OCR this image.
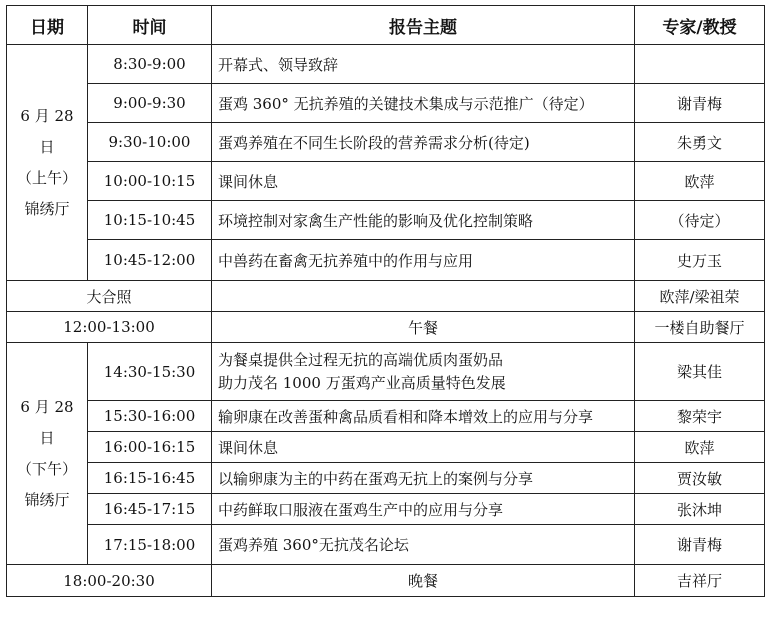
日期	时间	报告主题	专家/教授

6 月 28 日
（上午）
锦绣厅	8:30-9:00	开幕式、领导致辞	
	9:00-9:30	蛋鸡 360° 无抗养殖的关键技术集成与示范推广（待定）	谢青梅
	9:30-10:00	蛋鸡养殖在不同生长阶段的营养需求分析(待定)	朱勇文
	10:00-10:15	课间休息	欧萍
	10:15-10:45	环境控制对家禽生产性能的影响及优化控制策略	（待定）
	10:45-12:00	中兽药在畜禽无抗养殖中的作用与应用	史万玉
大合照			欧萍/梁祖荣
12:00-13:00		午餐	一楼自助餐厅

6 月 28 日
（下午）
锦绣厅	14:30-15:30	为餐桌提供全过程无抗的高端优质肉蛋奶品
助力茂名 1000 万蛋鸡产业高质量特色发展	梁其佳
	15:30-16:00	输卵康在改善蛋种禽品质看相和降本增效上的应用与分享	黎荣宇
	16:00-16:15	课间休息	欧萍
	16:15-16:45	以输卵康为主的中药在蛋鸡无抗上的案例与分享	贾汝敏
	16:45-17:15	中药鲜取口服液在蛋鸡生产中的应用与分享	张沐坤
	17:15-18:00	蛋鸡养殖 360°无抗茂名论坛	谢青梅
18:00-20:30		晚餐	吉祥厅
